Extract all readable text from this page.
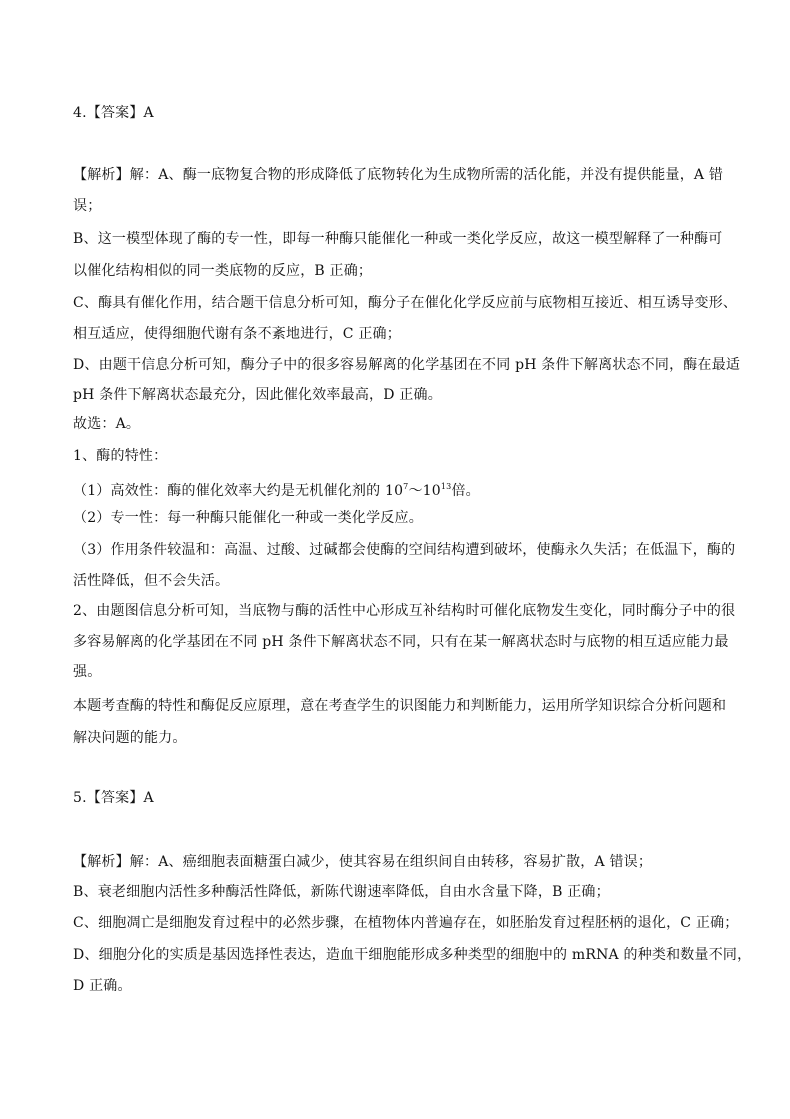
4.【答案】A
【解析】解：A、酶一底物复合物的形成降低了底物转化为生成物所需的活化能，并没有提供能量，A 错
误；
B、这一模型体现了酶的专一性，即每一种酶只能催化一种或一类化学反应，故这一模型解释了一种酶可
以催化结构相似的同一类底物的反应，B 正确；
C、酶具有催化作用，结合题干信息分析可知，酶分子在催化化学反应前与底物相互接近、相互诱导变形、
相互适应，使得细胞代谢有条不紊地进行，C 正确；
D、由题干信息分析可知，酶分子中的很多容易解离的化学基团在不同 pH 条件下解离状态不同，酶在最适
pH 条件下解离状态最充分，因此催化效率最高，D 正确。
故选：A。
1、酶的特性：
（1）高效性：酶的催化效率大约是无机催化剂的 $10^7\sim 10^{13}$倍。
（2）专一性：每一种酶只能催化一种或一类化学反应。
（3）作用条件较温和：高温、过酸、过碱都会使酶的空间结构遭到破坏，使酶永久失活；在低温下，酶的
活性降低，但不会失活。
2、由题图信息分析可知，当底物与酶的活性中心形成互补结构时可催化底物发生变化，同时酶分子中的很
多容易解离的化学基团在不同 pH 条件下解离状态不同，只有在某一解离状态时与底物的相互适应能力最
强。
本题考查酶的特性和酶促反应原理，意在考查学生的识图能力和判断能力，运用所学知识综合分析问题和
解决问题的能力。
5.【答案】A
【解析】解：A、癌细胞表面糖蛋白减少，使其容易在组织间自由转移，容易扩散，A 错误；
B、衰老细胞内活性多种酶活性降低，新陈代谢速率降低，自由水含量下降，B 正确；
C、细胞凋亡是细胞发育过程中的必然步骤，在植物体内普遍存在，如胚胎发育过程胚柄的退化，C 正确；
D、细胞分化的实质是基因选择性表达，造血干细胞能形成多种类型的细胞中的 mRNA 的种类和数量不同，
D 正确。
